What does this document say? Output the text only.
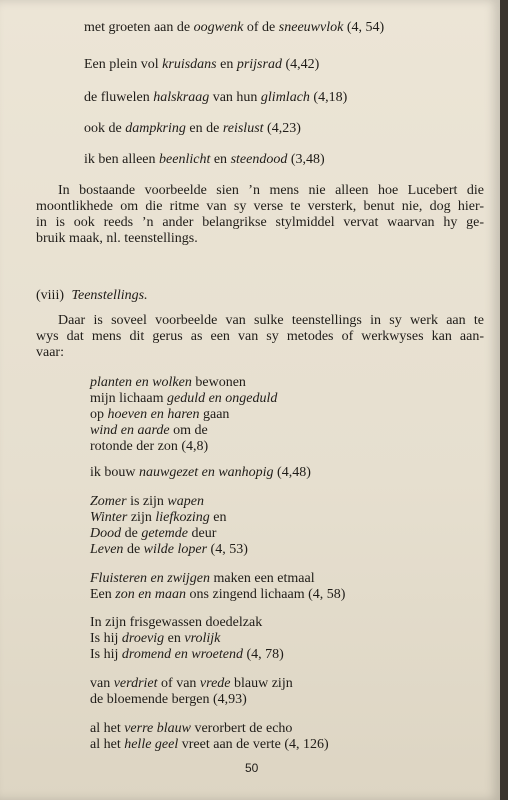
met groeten aan de oogwenk of de sneeuwvlok (4, 54)
Een plein vol kruisdans en prijsrad (4,42)
de fluwelen halskraag van hun glimlach (4,18)
ook de dampkring en de reislust (4,23)
ik ben alleen beenlicht en steendood (3,48)
In bostaande voorbeelde sien ’n mens nie alleen hoe Lucebert die
moontlikhede om die ritme van sy verse te versterk, benut nie, dog hier-
in is ook reeds ’n ander belangrikse stylmiddel vervat waarvan hy ge-
bruik maak, nl. teenstellings.
(viii) Teenstellings.
Daar is soveel voorbeelde van sulke teenstellings in sy werk aan te
wys dat mens dit gerus as een van sy metodes of werkwyses kan aan-
vaar:
planten en wolken bewonen
mijn lichaam geduld en ongeduld
op hoeven en haren gaan
wind en aarde om de
rotonde der zon (4,8)
ik bouw nauwgezet en wanhopig (4,48)
Zomer is zijn wapen
Winter zijn liefkozing en
Dood de getemde deur
Leven de wilde loper (4, 53)
Fluisteren en zwijgen maken een etmaal
Een zon en maan ons zingend lichaam (4, 58)
In zijn frisgewassen doedelzak
Is hij droevig en vrolijk
Is hij dromend en wroetend (4, 78)
van verdriet of van vrede blauw zijn
de bloemende bergen (4,93)
al het verre blauw verorbert de echo
al het helle geel vreet aan de verte (4, 126)
50
